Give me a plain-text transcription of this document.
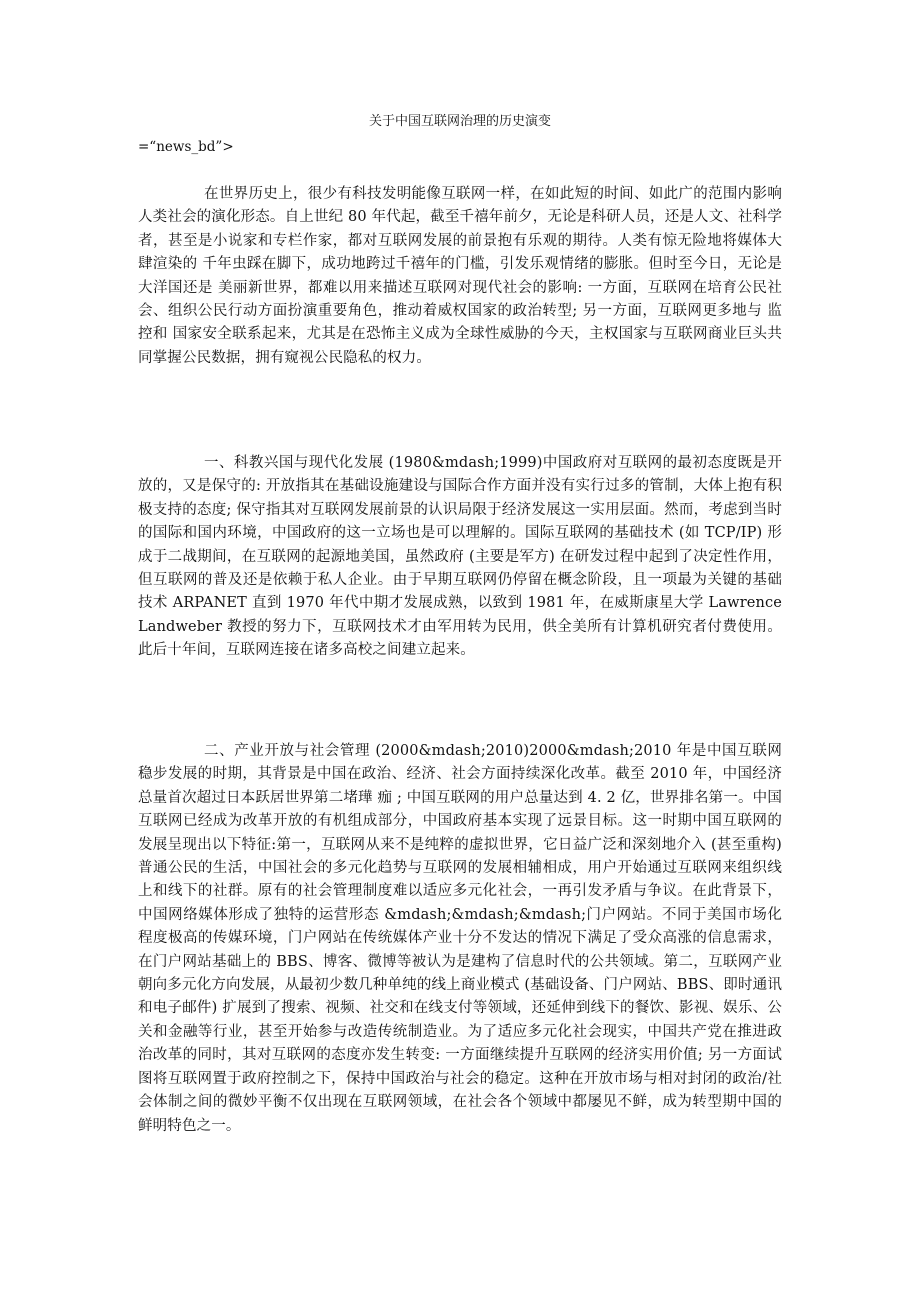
关于中国互联网治理的历史演变
=“news_bd”>

在世界历史上，很少有科技发明能像互联网一样，在如此短的时间、如此广的范围内影响人类社会的演化形态。自上世纪 80 年代起，截至千禧年前夕，无论是科研人员，还是人文、社科学者，甚至是小说家和专栏作家，都对互联网发展的前景抱有乐观的期待。人类有惊无险地将媒体大肆渲染的 千年虫踩在脚下，成功地跨过千禧年的门槛，引发乐观情绪的膨胀。但时至今日，无论是 大洋国还是 美丽新世界，都难以用来描述互联网对现代社会的影响: 一方面，互联网在培育公民社会、组织公民行动方面扮演重要角色，推动着威权国家的政治转型; 另一方面，互联网更多地与 监控和 国家安全联系起来，尤其是在恐怖主义成为全球性威胁的今天，主权国家与互联网商业巨头共同掌握公民数据，拥有窥视公民隐私的权力。

一、科教兴国与现代化发展 (1980&mdash;1999)中国政府对互联网的最初态度既是开放的，又是保守的: 开放指其在基础设施建设与国际合作方面并没有实行过多的管制，大体上抱有积极支持的态度; 保守指其对互联网发展前景的认识局限于经济发展这一实用层面。然而，考虑到当时的国际和国内环境，中国政府的这一立场也是可以理解的。国际互联网的基础技术 (如 TCP/IP) 形成于二战期间，在互联网的起源地美国，虽然政府 (主要是军方) 在研发过程中起到了决定性作用，但互联网的普及还是依赖于私人企业。由于早期互联网仍停留在概念阶段，且一项最为关键的基础技术 ARPANET 直到 1970 年代中期才发展成熟，以致到 1981 年，在威斯康星大学 Lawrence Landweber 教授的努力下，互联网技术才由军用转为民用，供全美所有计算机研究者付费使用。此后十年间，互联网连接在诸多高校之间建立起来。

二、产业开放与社会管理 (2000&mdash;2010)2000&mdash;2010 年是中国互联网稳步发展的时期，其背景是中国在政治、经济、社会方面持续深化改革。截至 2010 年，中国经济总量首次超过日本跃居世界第二堵璍 痂 ; 中国互联网的用户总量达到 4. 2 亿，世界排名第一。中国互联网已经成为改革开放的有机组成部分，中国政府基本实现了远景目标。这一时期中国互联网的发展呈现出以下特征:第一，互联网从来不是纯粹的虚拟世界，它日益广泛和深刻地介入 (甚至重构) 普通公民的生活，中国社会的多元化趋势与互联网的发展相辅相成，用户开始通过互联网来组织线上和线下的社群。原有的社会管理制度难以适应多元化社会，一再引发矛盾与争议。在此背景下，中国网络媒体形成了独特的运营形态 &mdash;&mdash;&mdash;门户网站。不同于美国市场化程度极高的传媒环境，门户网站在传统媒体产业十分不发达的情况下满足了受众高涨的信息需求，在门户网站基础上的 BBS、博客、微博等被认为是建构了信息时代的公共领域。第二，互联网产业朝向多元化方向发展，从最初少数几种单纯的线上商业模式 (基础设备、门户网站、BBS、即时通讯和电子邮件) 扩展到了搜索、视频、社交和在线支付等领域，还延伸到线下的餐饮、影视、娱乐、公关和金融等行业，甚至开始参与改造传统制造业。为了适应多元化社会现实，中国共产党在推进政治改革的同时，其对互联网的态度亦发生转变: 一方面继续提升互联网的经济实用价值; 另一方面试图将互联网置于政府控制之下，保持中国政治与社会的稳定。这种在开放市场与相对封闭的政治/社会体制之间的微妙平衡不仅出现在互联网领域，在社会各个领域中都屡见不鲜，成为转型期中国的鲜明特色之一。
